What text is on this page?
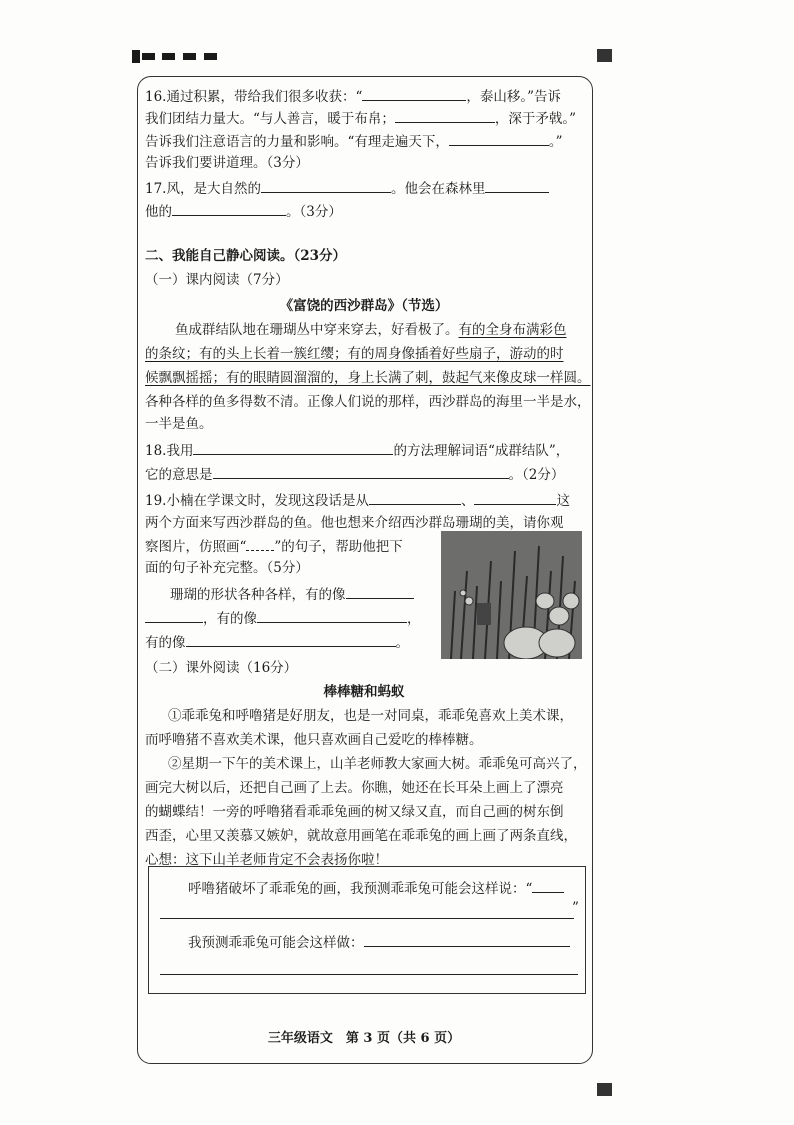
16.通过积累，带给我们很多收获：“	，泰山移。”告诉
我们团结力量大。“与人善言，暖于布帛；	，深于矛戟。”
告诉我们注意语言的力量和影响。“有理走遍天下，	。”
告诉我们要讲道理。（3分）
17.风，是大自然的	。他会在森林里
他的	。（3分）
二、我能自己静心阅读。（23分）
（一）课内阅读（7分）
《富饶的西沙群岛》（节选）
鱼成群结队地在珊瑚丛中穿来穿去，好看极了。有的全身布满彩色
的条纹；有的头上长着一簇红缨；有的周身像插着好些扇子，游动的时
候飘飘摇摇；有的眼睛圆溜溜的，身上长满了刺，鼓起气来像皮球一样圆。
各种各样的鱼多得数不清。正像人们说的那样，西沙群岛的海里一半是水，
一半是鱼。
18.我用	的方法理解词语“成群结队”，
它的意思是	。（2分）
19.小楠在学课文时，发现这段话是从	、	这
两个方面来写西沙群岛的鱼。他也想来介绍西沙群岛珊瑚的美，请你观
察图片，仿照画“ ”的句子，帮助他把下
面的句子补充完整。（5分）
珊瑚的形状各种各样，有的像
，有的像	，
有的像	。
（二）课外阅读（16分）
棒棒糖和蚂蚁
①乖乖兔和呼噜猪是好朋友，也是一对同桌，乖乖兔喜欢上美术课，
而呼噜猪不喜欢美术课，他只喜欢画自己爱吃的棒棒糖。
②星期一下午的美术课上，山羊老师教大家画大树。乖乖兔可高兴了，
画完大树以后，还把自己画了上去。你瞧，她还在长耳朵上画上了漂亮
的蝴蝶结！一旁的呼噜猪看乖乖兔画的树又绿又直，而自己画的树东倒
西歪，心里又羡慕又嫉妒，就故意用画笔在乖乖兔的画上画了两条直线，
心想：这下山羊老师肯定不会表扬你啦！
呼噜猪破坏了乖乖兔的画，我预测乖乖兔可能会这样说：“
”
我预测乖乖兔可能会这样做：
三年级语文　第 3 页（共 6 页）
